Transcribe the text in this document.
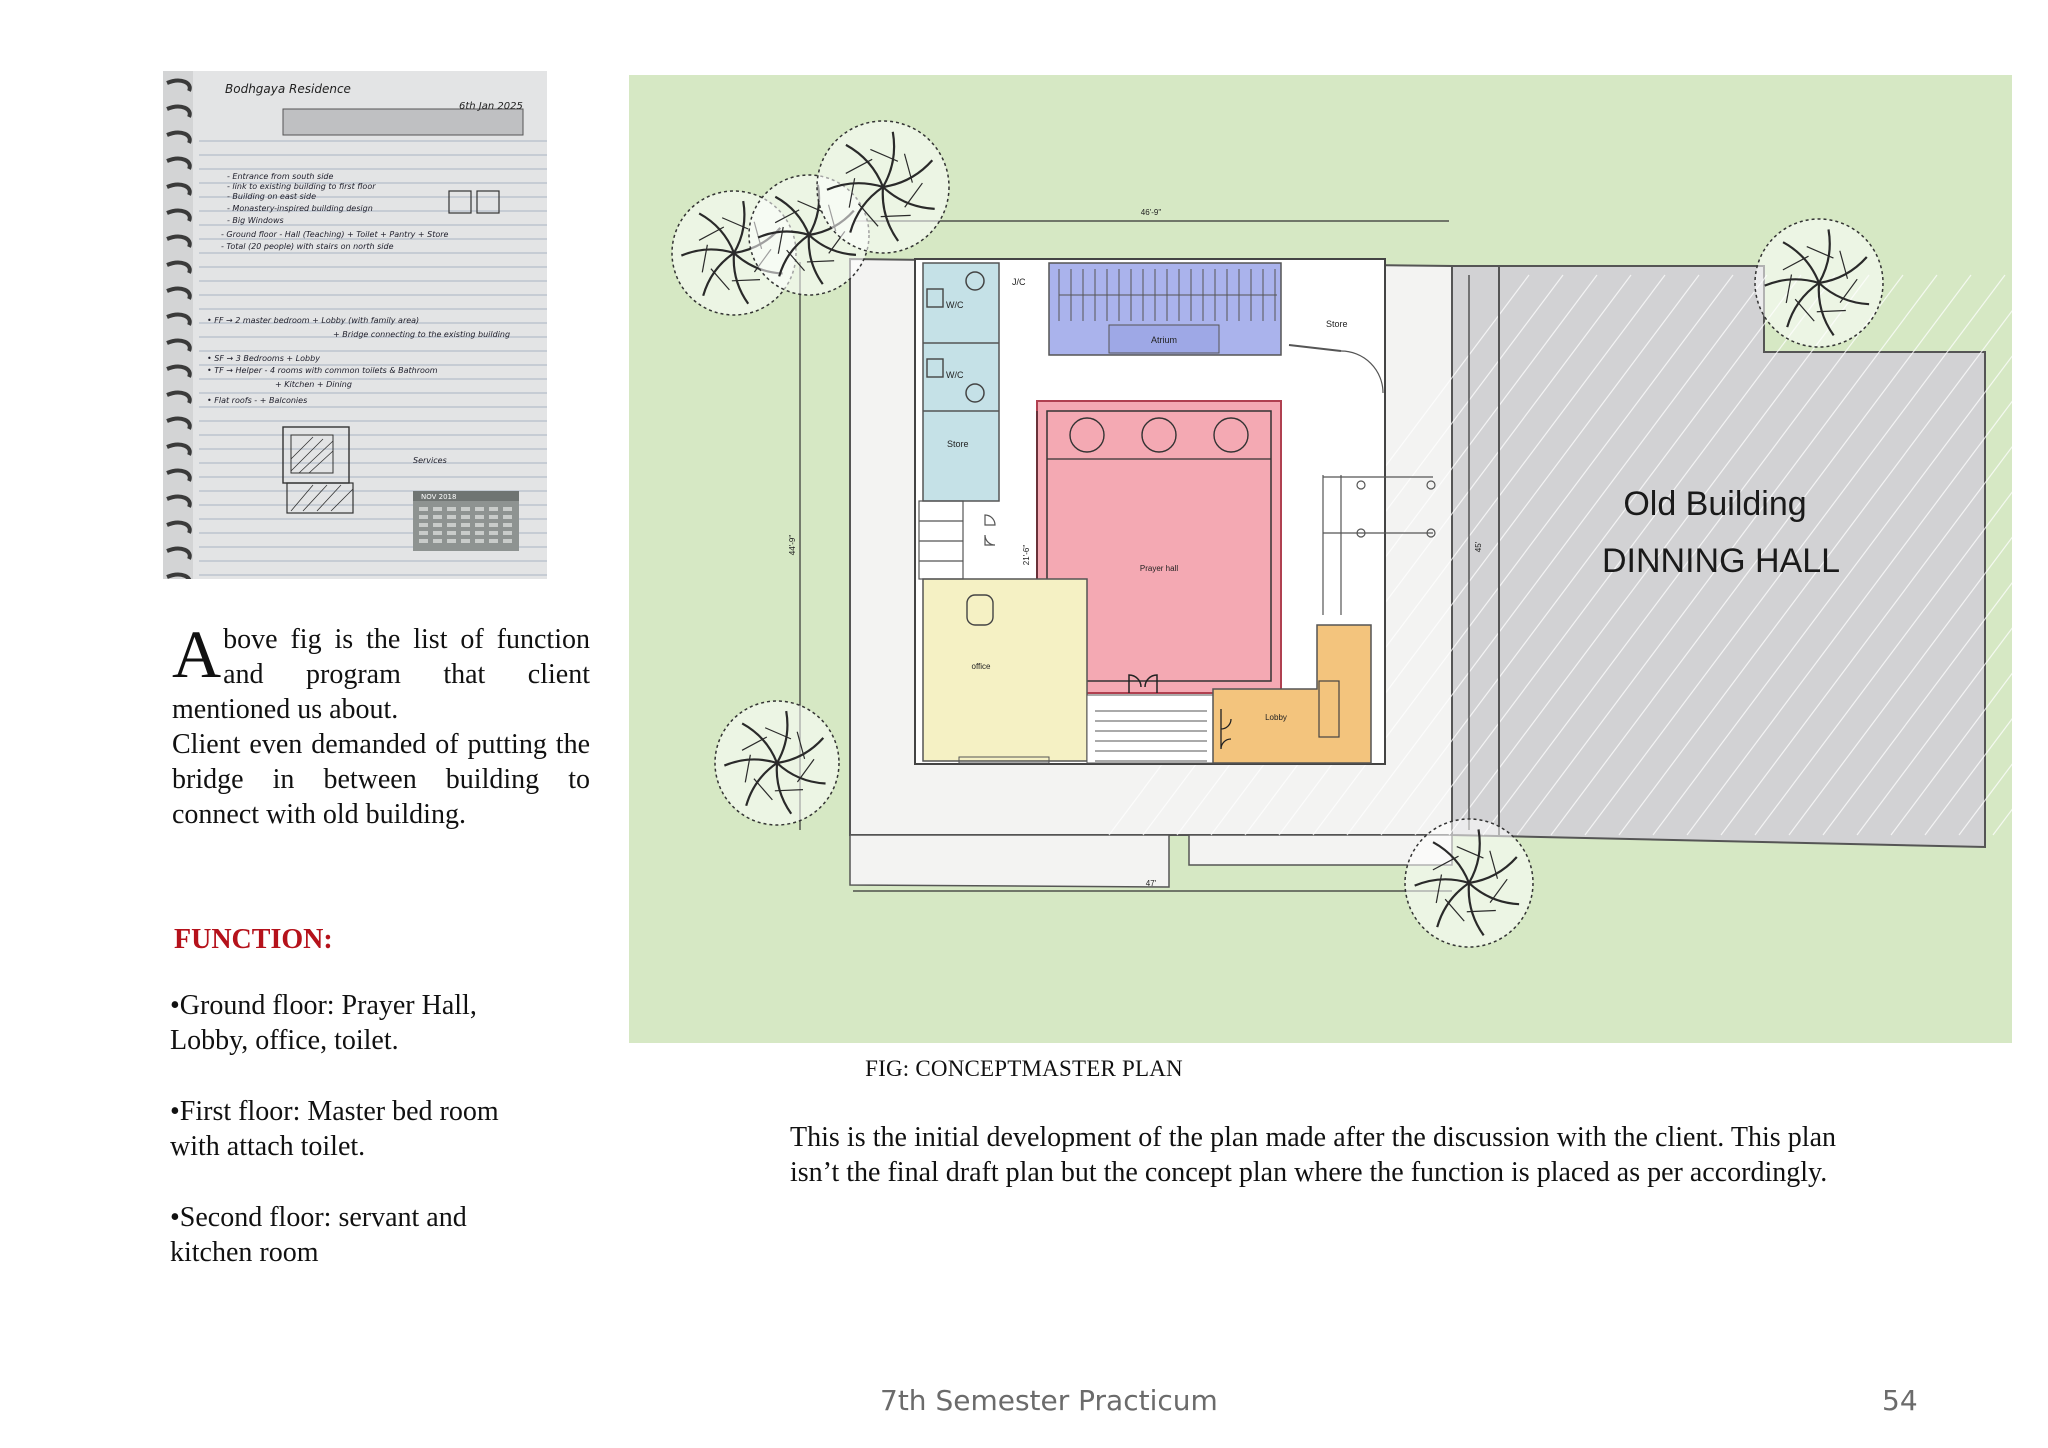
Bodhgaya Residence
6th Jan 2025
- Entrance from south side
- link to existing building to first floor
- Building on east side
- Monastery-inspired building design
- Big Windows
- Ground floor - Hall (Teaching) + Toilet + Pantry + Store
- Total (20 people) with stairs on north side
• FF → 2 master bedroom + Lobby (with family area)
+ Bridge connecting to the existing building
• SF → 3 Bedrooms + Lobby
• TF → Helper - 4 rooms with common toilets & Bathroom
+ Kitchen + Dining
• Flat roofs - + Balconies
Services
NOV 2018

Above fig is the list of function and program that client mentioned us about.
Client even demanded of putting the bridge in between building to connect with old building.

FUNCTION:

•Ground floor: Prayer Hall, Lobby, office, toilet.

•First floor: Master bed room with attach toilet.

•Second floor: servant and kitchen room

Old Building
DINNING HALL
W/C
W/C
Store
J/C
Atrium
Store
Prayer hall
21'-6"
office
Lobby
46'-9"
47'
44'-9"	45'
FIG: CONCEPTMASTER PLAN

This is the initial development of the plan made after the discussion with the client. This plan isn’t the final draft plan but the concept plan where the function is placed as per accordingly.

7th Semester Practicum	54
